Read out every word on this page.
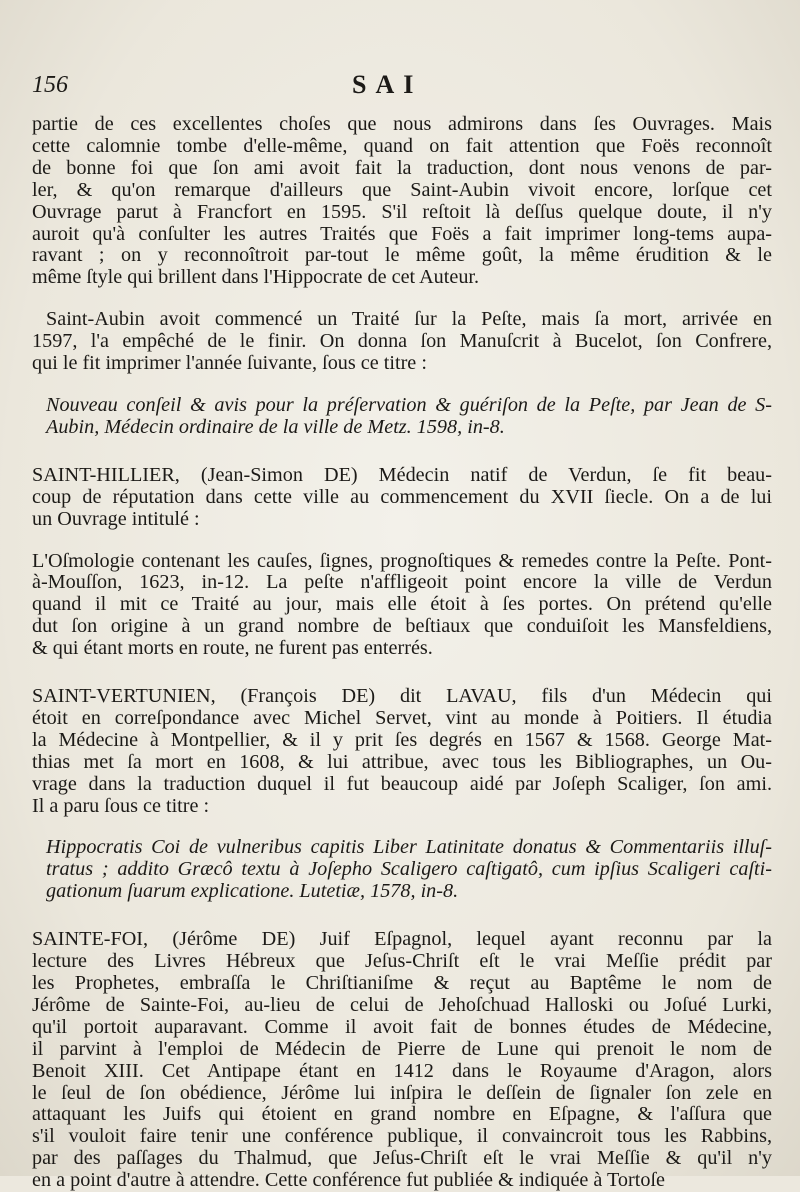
156	SAI
partie de ces excellentes choſes que nous admirons dans ſes Ouvrages. Mais
cette calomnie tombe d'elle-même, quand on fait attention que Foës reconnoît
de bonne foi que ſon ami avoit fait la traduction, dont nous venons de par-
ler, & qu'on remarque d'ailleurs que Saint-Aubin vivoit encore, lorſque cet
Ouvrage parut à Francfort en 1595. S'il reſtoit là deſſus quelque doute, il n'y
auroit qu'à conſulter les autres Traités que Foës a fait imprimer long-tems aupa-
ravant ; on y reconnoîtroit par-tout le même goût, la même érudition & le
même ſtyle qui brillent dans l'Hippocrate de cet Auteur.
Saint-Aubin avoit commencé un Traité ſur la Peſte, mais ſa mort, arrivée en
1597, l'a empêché de le finir. On donna ſon Manuſcrit à Bucelot, ſon Confrere,
qui le fit imprimer l'année ſuivante, ſous ce titre :
Nouveau conſeil & avis pour la préſervation & guériſon de la Peſte, par Jean de S-
Aubin, Médecin ordinaire de la ville de Metz. 1598, in-8.
SAINT-HILLIER, (Jean-Simon DE) Médecin natif de Verdun, ſe fit beau-
coup de réputation dans cette ville au commencement du XVII ſiecle. On a de lui
un Ouvrage intitulé :
L'Oſmologie contenant les cauſes, ſignes, prognoſtiques & remedes contre la Peſte. Pont-
à-Mouſſon, 1623, in-12. La peſte n'affligeoit point encore la ville de Verdun
quand il mit ce Traité au jour, mais elle étoit à ſes portes. On prétend qu'elle
dut ſon origine à un grand nombre de beſtiaux que conduiſoit les Mansfeldiens,
& qui étant morts en route, ne furent pas enterrés.
SAINT-VERTUNIEN, (François DE) dit LAVAU, fils d'un Médecin qui
étoit en correſpondance avec Michel Servet, vint au monde à Poitiers. Il étudia
la Médecine à Montpellier, & il y prit ſes degrés en 1567 & 1568. George Mat-
thias met ſa mort en 1608, & lui attribue, avec tous les Bibliographes, un Ou-
vrage dans la traduction duquel il fut beaucoup aidé par Joſeph Scaliger, ſon ami.
Il a paru ſous ce titre :
Hippocratis Coi de vulneribus capitis Liber Latinitate donatus & Commentariis illuſ-
tratus ; addito Græcô textu à Joſepho Scaligero caſtigatô, cum ipſius Scaligeri caſti-
gationum ſuarum explicatione. Lutetiæ, 1578, in-8.
SAINTE-FOI, (Jérôme DE) Juif Eſpagnol, lequel ayant reconnu par la
lecture des Livres Hébreux que Jeſus-Chriſt eſt le vrai Meſſie prédit par
les Prophetes, embraſſa le Chriſtianiſme & reçut au Baptême le nom de
Jérôme de Sainte-Foi, au-lieu de celui de Jehoſchuad Halloski ou Joſué Lurki,
qu'il portoit auparavant. Comme il avoit fait de bonnes études de Médecine,
il parvint à l'emploi de Médecin de Pierre de Lune qui prenoit le nom de
Benoit XIII. Cet Antipape étant en 1412 dans le Royaume d'Aragon, alors
le ſeul de ſon obédience, Jérôme lui inſpira le deſſein de ſignaler ſon zele en
attaquant les Juifs qui étoient en grand nombre en Eſpagne, & l'aſſura que
s'il vouloit faire tenir une conférence publique, il convaincroit tous les Rabbins,
par des paſſages du Thalmud, que Jeſus-Chriſt eſt le vrai Meſſie & qu'il n'y
en a point d'autre à attendre. Cette conférence fut publiée & indiquée à Tortoſe
